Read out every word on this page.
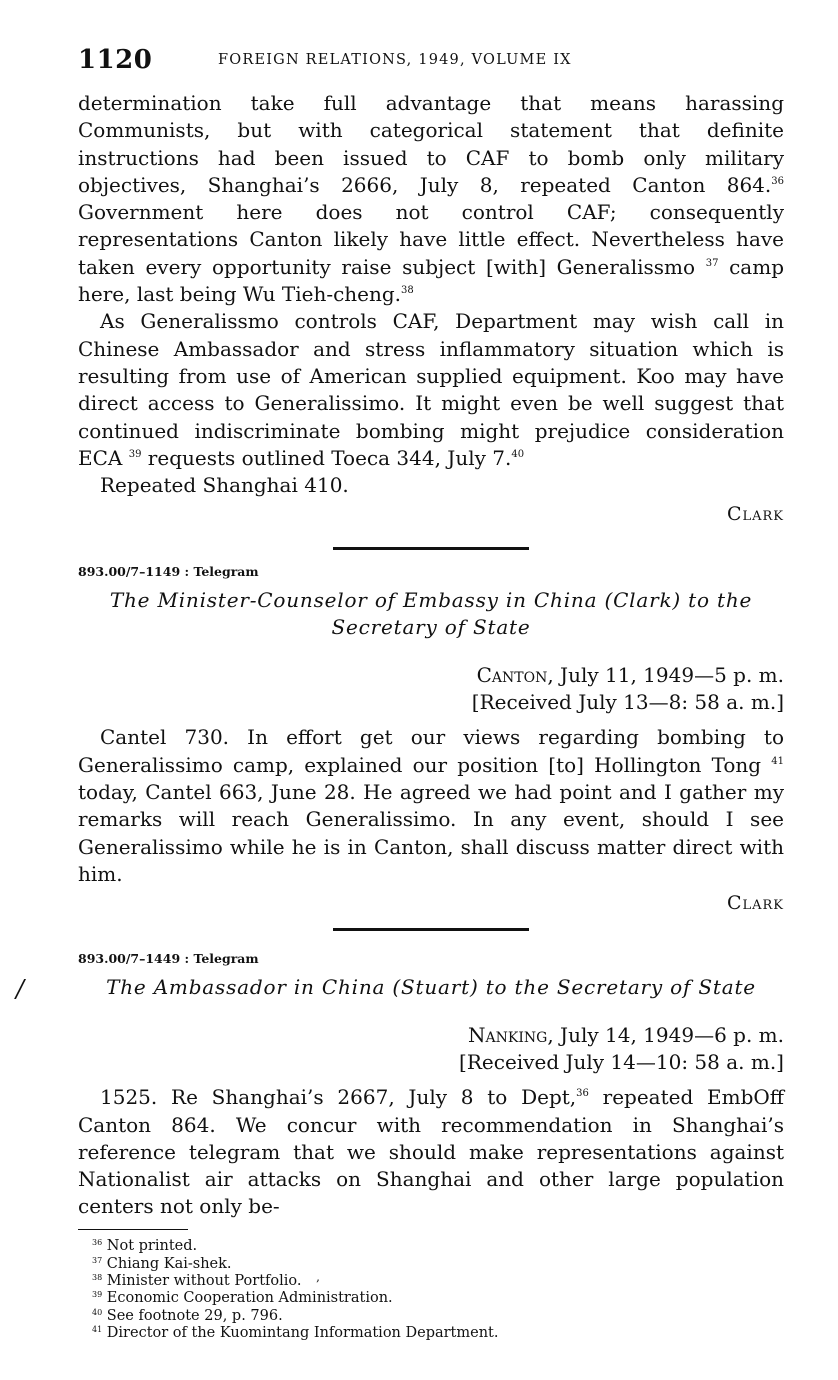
/
1120	FOREIGN RELATIONS, 1949, VOLUME IX

determination take full advantage that means harassing Communists, but with categorical statement that definite instructions had been issued to CAF to bomb only military objectives, Shanghai’s 2666, July 8, repeated Canton 864.36 Government here does not control CAF; consequently representations Canton likely have little effect. Nevertheless have taken every opportunity raise subject [with] Generalissmo $^{37}$ camp here, last being Wu Tieh-cheng.$^{38}$

As Generalissmo controls CAF, Department may wish call in Chinese Ambassador and stress inflammatory situation which is resulting from use of American supplied equipment. Koo may have direct access to Generalissimo. It might even be well suggest that continued indiscriminate bombing might prejudice consideration ECA $^{39}$ requests outlined Toeca 344, July 7.40

Repeated Shanghai 410.

Clark

893.00/7–1149 : Telegram

The Minister-Counselor of Embassy in China (Clark) to the

Secretary of State

Canton, July 11, 1949—5 p. m.

[Received July 13—8: 58 a. m.]

Cantel 730. In effort get our views regarding bombing to Generalissimo camp, explained our position [to] Hollington Tong $^{41}$ today, Cantel 663, June 28. He agreed we had point and I gather my remarks will reach Generalissimo. In any event, should I see Generalissimo while he is in Canton, shall discuss matter direct with him.

Clark

893.00/7–1449 : Telegram

The Ambassador in China (Stuart) to the Secretary of State

Nanking, July 14, 1949—6 p. m.

[Received July 14—10: 58 a. m.]

1525. Re Shanghai’s 2667, July 8 to Dept,$^{36}$ repeated EmbOff Canton 864. We concur with recommendation in Shanghai’s reference telegram that we should make representations against Nationalist air attacks on Shanghai and other large population centers not only be-

$^{36}$ Not printed.

$^{37}$ Chiang Kai-shek.

$^{38}$ Minister without Portfolio.

$^{39}$ Economic Cooperation Administration.

$^{40}$ See footnote 29, p. 796.

$^{41}$ Director of the Kuomintang Information Department.

‚
